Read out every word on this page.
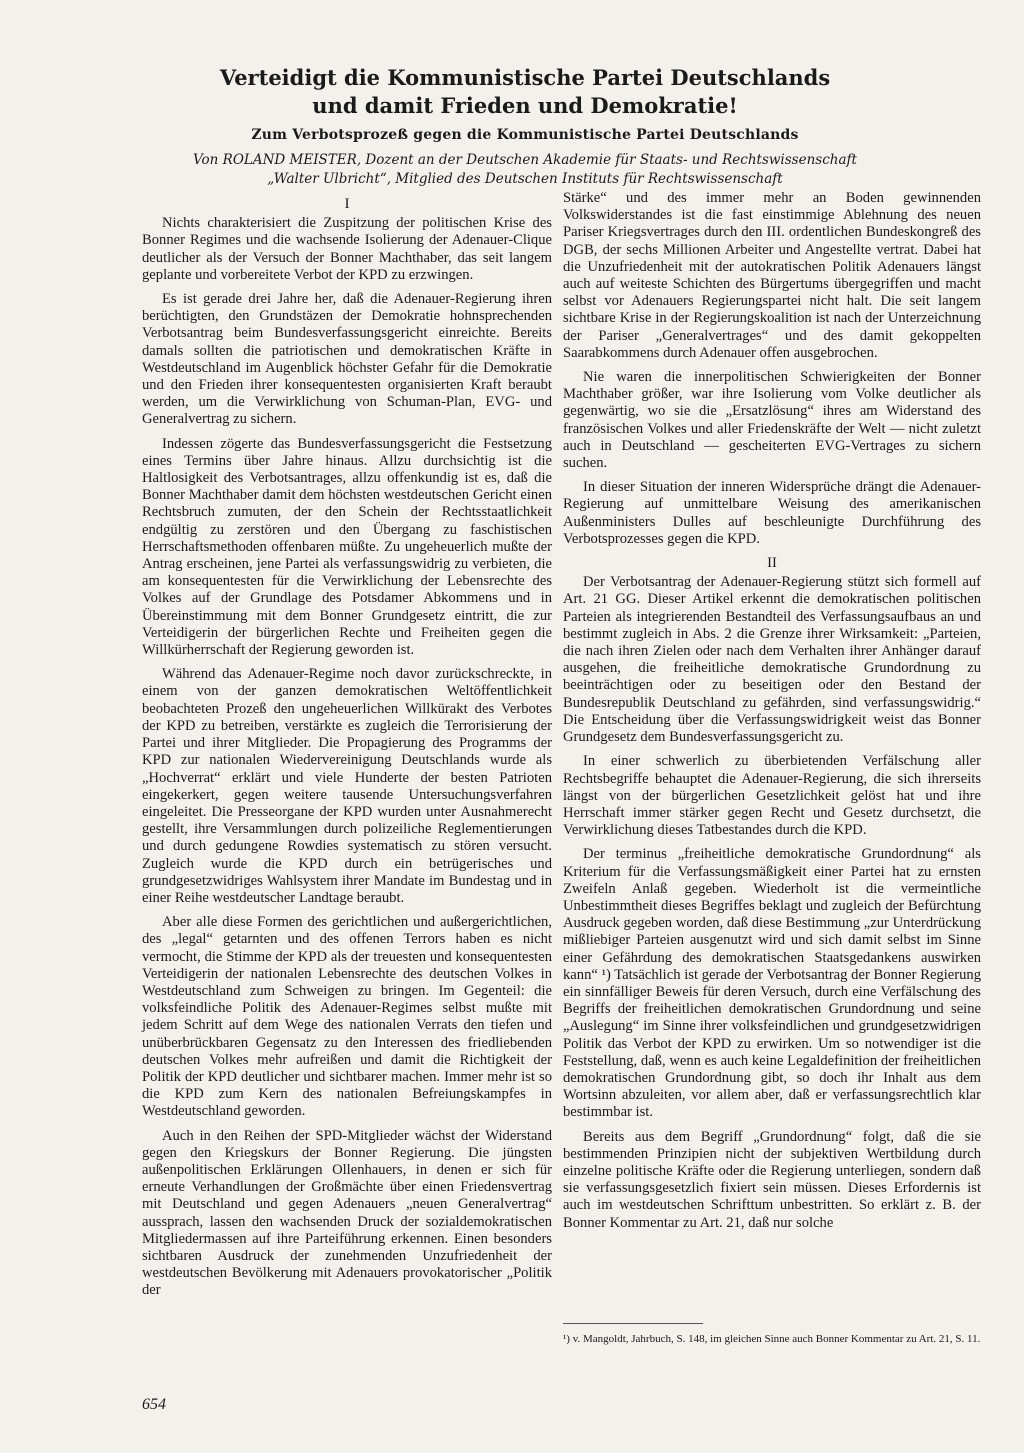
Verteidigt die Kommunistische Partei Deutschlands
und damit Frieden und Demokratie!
Zum Verbotsprozeß gegen die Kommunistische Partei Deutschlands
Von ROLAND MEISTER, Dozent an der Deutschen Akademie für Staats- und Rechtswissenschaft
„Walter Ulbricht“, Mitglied des Deutschen Instituts für Rechtswissenschaft
I

Nichts charakterisiert die Zuspitzung der politischen Krise des Bonner Regimes und die wachsende Isolierung der Adenauer-Clique deutlicher als der Versuch der Bonner Machthaber, das seit langem geplante und vorbereitete Verbot der KPD zu erzwingen.

Es ist gerade drei Jahre her, daß die Adenauer-Regierung ihren berüchtigten, den Grundstäzen der Demokratie hohnsprechenden Verbotsantrag beim Bundesverfassungsgericht einreichte. Bereits damals sollten die patriotischen und demokratischen Kräfte in Westdeutschland im Augenblick höchster Gefahr für die Demokratie und den Frieden ihrer konsequentesten organisierten Kraft beraubt werden, um die Verwirklichung von Schuman-Plan, EVG- und Generalvertrag zu sichern.

Indessen zögerte das Bundesverfassungsgericht die Festsetzung eines Termins über Jahre hinaus. Allzu durchsichtig ist die Haltlosigkeit des Verbotsantrages, allzu offenkundig ist es, daß die Bonner Machthaber damit dem höchsten westdeutschen Gericht einen Rechtsbruch zumuten, der den Schein der Rechtsstaatlichkeit endgültig zu zerstören und den Übergang zu faschistischen Herrschaftsmethoden offenbaren müßte. Zu ungeheuerlich mußte der Antrag erscheinen, jene Partei als verfassungswidrig zu verbieten, die am konsequentesten für die Verwirklichung der Lebensrechte des Volkes auf der Grundlage des Potsdamer Abkommens und in Übereinstimmung mit dem Bonner Grundgesetz eintritt, die zur Verteidigerin der bürgerlichen Rechte und Freiheiten gegen die Willkürherrschaft der Regierung geworden ist.

Während das Adenauer-Regime noch davor zurückschreckte, in einem von der ganzen demokratischen Weltöffentlichkeit beobachteten Prozeß den ungeheuerlichen Willkürakt des Verbotes der KPD zu betreiben, verstärkte es zugleich die Terrorisierung der Partei und ihrer Mitglieder. Die Propagierung des Programms der KPD zur nationalen Wiedervereinigung Deutschlands wurde als „Hochverrat“ erklärt und viele Hunderte der besten Patrioten eingekerkert, gegen weitere tausende Untersuchungsverfahren eingeleitet. Die Presseorgane der KPD wurden unter Ausnahmerecht gestellt, ihre Versammlungen durch polizeiliche Reglementierungen und durch gedungene Rowdies systematisch zu stören versucht. Zugleich wurde die KPD durch ein betrügerisches und grundgesetzwidriges Wahlsystem ihrer Mandate im Bundestag und in einer Reihe westdeutscher Landtage beraubt.

Aber alle diese Formen des gerichtlichen und außergerichtlichen, des „legal“ getarnten und des offenen Terrors haben es nicht vermocht, die Stimme der KPD als der treuesten und konsequentesten Verteidigerin der nationalen Lebensrechte des deutschen Volkes in Westdeutschland zum Schweigen zu bringen. Im Gegenteil: die volksfeindliche Politik des Adenauer-Regimes selbst mußte mit jedem Schritt auf dem Wege des nationalen Verrats den tiefen und unüberbrückbaren Gegensatz zu den Interessen des friedliebenden deutschen Volkes mehr aufreißen und damit die Richtigkeit der Politik der KPD deutlicher und sichtbarer machen. Immer mehr ist so die KPD zum Kern des nationalen Befreiungskampfes in Westdeutschland geworden.

Auch in den Reihen der SPD-Mitglieder wächst der Widerstand gegen den Kriegskurs der Bonner Regierung. Die jüngsten außenpolitischen Erklärungen Ollenhauers, in denen er sich für erneute Verhandlungen der Großmächte über einen Friedensvertrag mit Deutschland und gegen Adenauers „neuen Generalvertrag“ aussprach, lassen den wachsenden Druck der sozialdemokratischen Mitgliedermassen auf ihre Parteiführung erkennen. Einen besonders sichtbaren Ausdruck der zunehmenden Unzufriedenheit der westdeutschen Bevölkerung mit Adenauers provokatorischer „Politik der

Stärke“ und des immer mehr an Boden gewinnenden Volkswiderstandes ist die fast einstimmige Ablehnung des neuen Pariser Kriegsvertrages durch den III. ordentlichen Bundeskongreß des DGB, der sechs Millionen Arbeiter und Angestellte vertrat. Dabei hat die Unzufriedenheit mit der autokratischen Politik Adenauers längst auch auf weiteste Schichten des Bürgertums übergegriffen und macht selbst vor Adenauers Regierungspartei nicht halt. Die seit langem sichtbare Krise in der Regierungskoalition ist nach der Unterzeichnung der Pariser „Generalvertrages“ und des damit gekoppelten Saarabkommens durch Adenauer offen ausgebrochen.

Nie waren die innerpolitischen Schwierigkeiten der Bonner Machthaber größer, war ihre Isolierung vom Volke deutlicher als gegenwärtig, wo sie die „Ersatzlösung“ ihres am Widerstand des französischen Volkes und aller Friedenskräfte der Welt — nicht zuletzt auch in Deutschland — gescheiterten EVG-Vertrages zu sichern suchen.

In dieser Situation der inneren Widersprüche drängt die Adenauer-Regierung auf unmittelbare Weisung des amerikanischen Außenministers Dulles auf beschleunigte Durchführung des Verbotsprozesses gegen die KPD.

II

Der Verbotsantrag der Adenauer-Regierung stützt sich formell auf Art. 21 GG. Dieser Artikel erkennt die demokratischen politischen Parteien als integrierenden Bestandteil des Verfassungsaufbaus an und bestimmt zugleich in Abs. 2 die Grenze ihrer Wirksamkeit: „Parteien, die nach ihren Zielen oder nach dem Verhalten ihrer Anhänger darauf ausgehen, die freiheitliche demokratische Grundordnung zu beeinträchtigen oder zu beseitigen oder den Bestand der Bundesrepublik Deutschland zu gefährden, sind verfassungswidrig.“ Die Entscheidung über die Verfassungswidrigkeit weist das Bonner Grundgesetz dem Bundesverfassungsgericht zu.

In einer schwerlich zu überbietenden Verfälschung aller Rechtsbegriffe behauptet die Adenauer-Regierung, die sich ihrerseits längst von der bürgerlichen Gesetzlichkeit gelöst hat und ihre Herrschaft immer stärker gegen Recht und Gesetz durchsetzt, die Verwirklichung dieses Tatbestandes durch die KPD.

Der terminus „freiheitliche demokratische Grundordnung“ als Kriterium für die Verfassungsmäßigkeit einer Partei hat zu ernsten Zweifeln Anlaß gegeben. Wiederholt ist die vermeintliche Unbestimmtheit dieses Begriffes beklagt und zugleich der Befürchtung Ausdruck gegeben worden, daß diese Bestimmung „zur Unterdrückung mißliebiger Parteien ausgenutzt wird und sich damit selbst im Sinne einer Gefährdung des demokratischen Staatsgedankens auswirken kann“ ¹) Tatsächlich ist gerade der Verbotsantrag der Bonner Regierung ein sinnfälliger Beweis für deren Versuch, durch eine Verfälschung des Begriffs der freiheitlichen demokratischen Grundordnung und seine „Auslegung“ im Sinne ihrer volksfeindlichen und grundgesetzwidrigen Politik das Verbot der KPD zu erwirken. Um so notwendiger ist die Feststellung, daß, wenn es auch keine Legaldefinition der freiheitlichen demokratischen Grundordnung gibt, so doch ihr Inhalt aus dem Wortsinn abzuleiten, vor allem aber, daß er verfassungsrechtlich klar bestimmbar ist.

Bereits aus dem Begriff „Grundordnung“ folgt, daß die sie bestimmenden Prinzipien nicht der subjektiven Wertbildung durch einzelne politische Kräfte oder die Regierung unterliegen, sondern daß sie verfassungsgesetzlich fixiert sein müssen. Dieses Erfordernis ist auch im westdeutschen Schrifttum unbestritten. So erklärt z. B. der Bonner Kommentar zu Art. 21, daß nur solche

¹) v. Mangoldt, Jahrbuch, S. 148, im gleichen Sinne auch Bonner Kommentar zu Art. 21, S. 11.
654
